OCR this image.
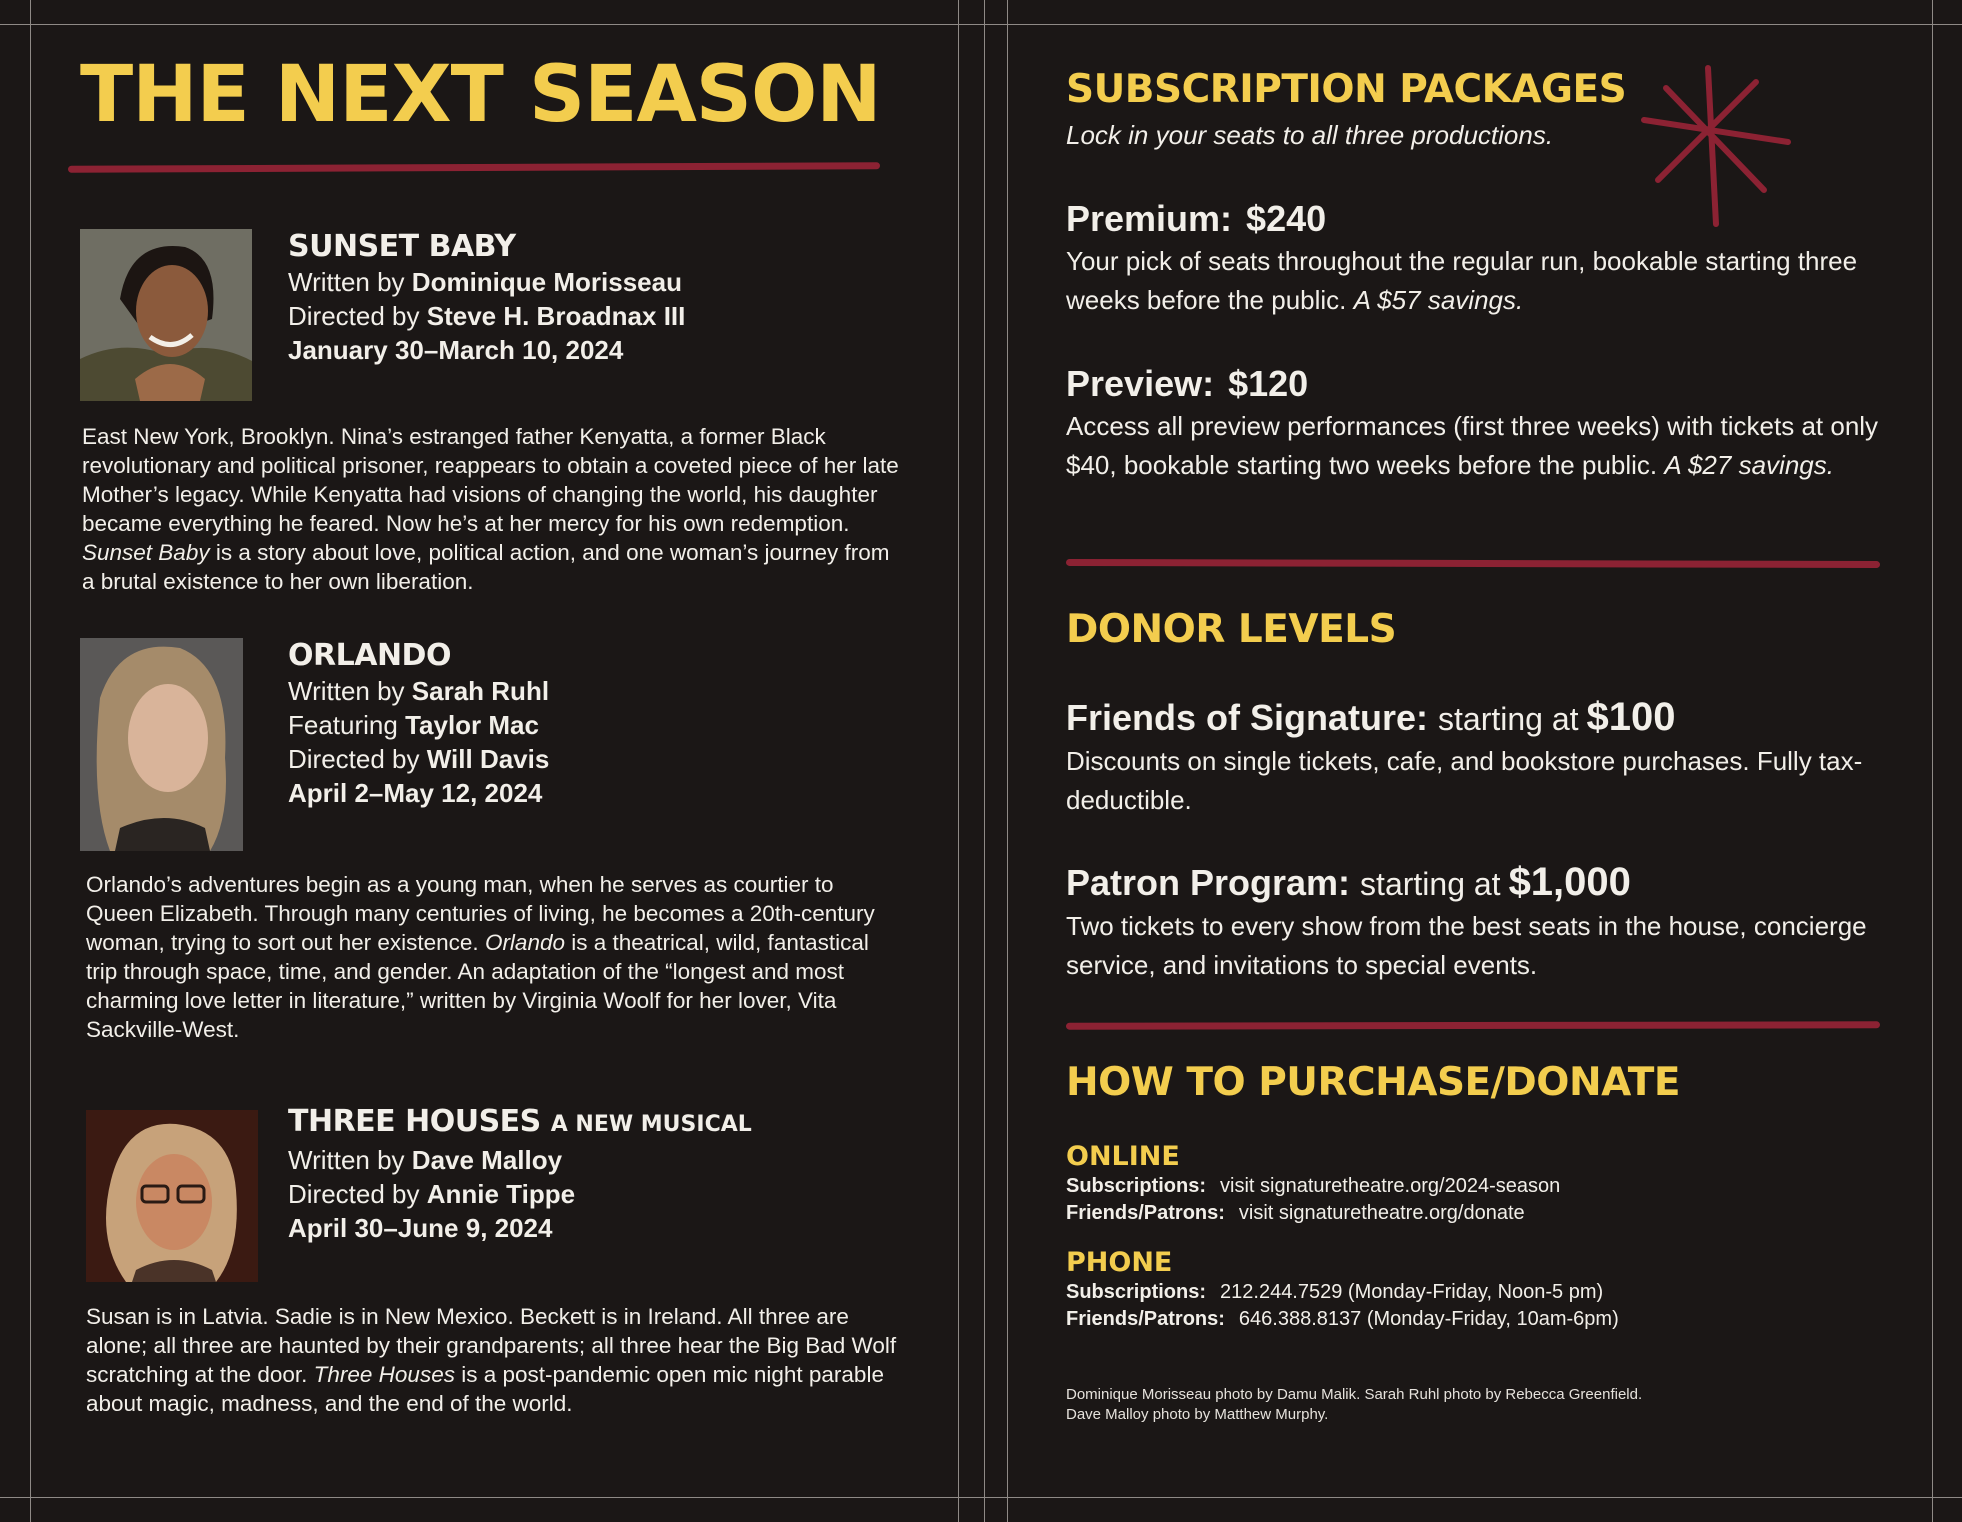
THE NEXT SEASON
SUNSET BABY
Written by Dominique Morisseau
Directed by Steve H. Broadnax III
January 30–March 10, 2024

East New York, Brooklyn. Nina’s estranged father Kenyatta, a former Black revolutionary and political prisoner, reappears to obtain a coveted piece of her late Mother’s legacy. While Kenyatta had visions of changing the world, his daughter became everything he feared. Now he’s at her mercy for his own redemption. Sunset Baby is a story about love, political action, and one woman’s journey from a brutal existence to her own liberation.

ORLANDO
Written by Sarah Ruhl
Featuring Taylor Mac
Directed by Will Davis
April 2–May 12, 2024

Orlando’s adventures begin as a young man, when he serves as courtier to Queen Elizabeth. Through many centuries of living, he becomes a 20th-century woman, trying to sort out her existence. Orlando is a theatrical, wild, fantastical trip through space, time, and gender. An adaptation of the “longest and most charming love letter in literature,” written by Virginia Woolf for her lover, Vita Sackville-West.

THREE HOUSES A NEW MUSICAL
Written by Dave Malloy
Directed by Annie Tippe
April 30–June 9, 2024

Susan is in Latvia. Sadie is in New Mexico. Beckett is in Ireland. All three are alone; all three are haunted by their grandparents; all three hear the Big Bad Wolf scratching at the door. Three Houses is a post-pandemic open mic night parable about magic, madness, and the end of the world.

SUBSCRIPTION PACKAGES
Lock in your seats to all three productions.
Premium: $240
Your pick of seats throughout the regular run, bookable starting three weeks before the public. A $57 savings.
Preview: $120
Access all preview performances (first three weeks) with tickets at only $40, bookable starting two weeks before the public. A $27 savings.
DONOR LEVELS
Friends of Signature: starting at $100
Discounts on single tickets, cafe, and bookstore purchases. Fully tax-deductible.
Patron Program: starting at $1,000
Two tickets to every show from the best seats in the house, concierge service, and invitations to special events.
HOW TO PURCHASE/DONATE
ONLINE
Subscriptions: visit signaturetheatre.org/2024-season
Friends/Patrons: visit signaturetheatre.org/donate
PHONE
Subscriptions: 212.244.7529 (Monday-Friday, Noon-5 pm)
Friends/Patrons: 646.388.8137 (Monday-Friday, 10am-6pm)
Dominique Morisseau photo by Damu Malik. Sarah Ruhl photo by Rebecca Greenfield.
Dave Malloy photo by Matthew Murphy.
